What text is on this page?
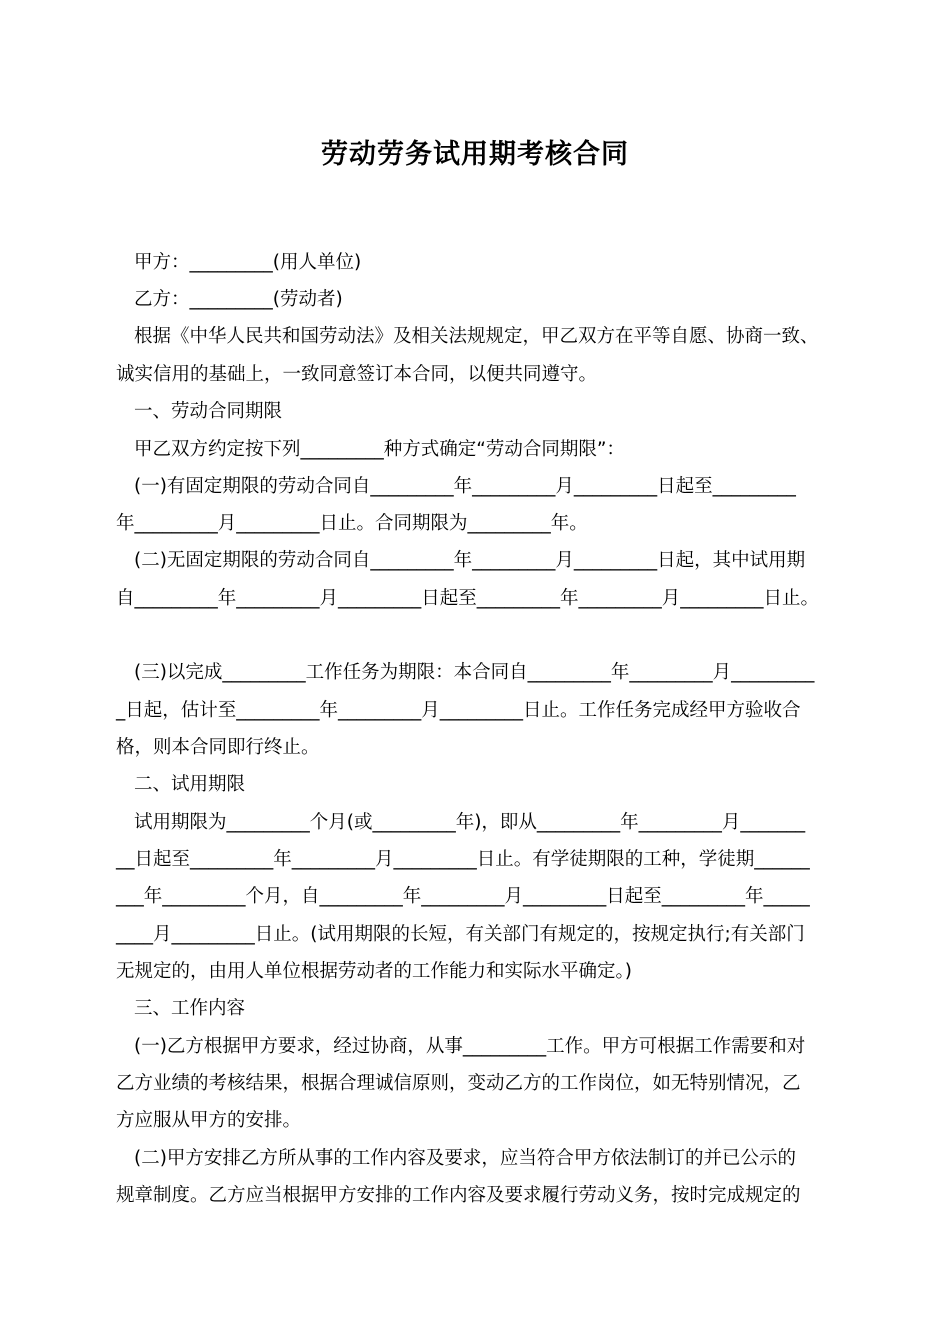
劳动劳务试用期考核合同
甲方：_________(用人单位)
乙方：_________(劳动者)
根据《中华人民共和国劳动法》及相关法规规定，甲乙双方在平等自愿、协商一致、
诚实信用的基础上，一致同意签订本合同，以便共同遵守。
一、劳动合同期限
甲乙双方约定按下列_________种方式确定“劳动合同期限”：
(一)有固定期限的劳动合同自_________年_________月_________日起至_________
年_________月_________日止。合同期限为_________年。
(二)无固定期限的劳动合同自_________年_________月_________日起，其中试用期
自_________年_________月_________日起至_________年_________月_________日止。
(三)以完成_________工作任务为期限：本合同自_________年_________月_________
_日起，估计至_________年_________月_________日止。工作任务完成经甲方验收合
格，则本合同即行终止。
二、试用期限
试用期限为_________个月(或_________年)，即从_________年_________月_______
__日起至_________年_________月_________日止。有学徒期限的工种，学徒期______
___年_________个月，自_________年_________月_________日起至_________年_____
____月_________日止。(试用期限的长短，有关部门有规定的，按规定执行;有关部门
无规定的，由用人单位根据劳动者的工作能力和实际水平确定。)
三、工作内容
(一)乙方根据甲方要求，经过协商，从事_________工作。甲方可根据工作需要和对
乙方业绩的考核结果，根据合理诚信原则，变动乙方的工作岗位，如无特别情况，乙
方应服从甲方的安排。
(二)甲方安排乙方所从事的工作内容及要求，应当符合甲方依法制订的并已公示的
规章制度。乙方应当根据甲方安排的工作内容及要求履行劳动义务，按时完成规定的
